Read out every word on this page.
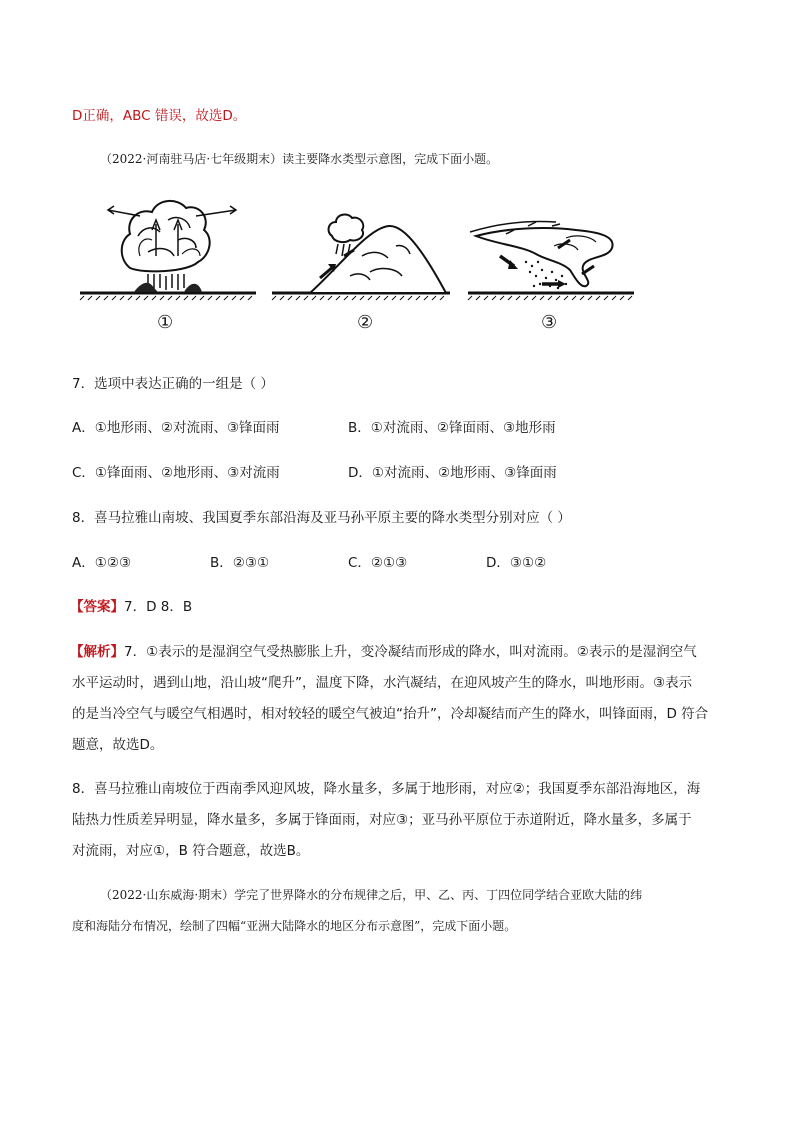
D正确，ABC 错误，故选D。
（2022·河南驻马店·七年级期末）读主要降水类型示意图，完成下面小题。
①	②	③
7．选项中表达正确的一组是（ ）
A．①地形雨、②对流雨、③锋面雨	B．①对流雨、②锋面雨、③地形雨
C．①锋面雨、②地形雨、③对流雨	D．①对流雨、②地形雨、③锋面雨
8．喜马拉雅山南坡、我国夏季东部沿海及亚马孙平原主要的降水类型分别对应（ ）
A．①②③	B．②③①	C．②①③	D．③①②
【答案】7．D 8．B
【解析】7．①表示的是湿润空气受热膨胀上升，变冷凝结而形成的降水，叫对流雨。②表示的是湿润空气
水平运动时，遇到山地，沿山坡“爬升”，温度下降，水汽凝结，在迎风坡产生的降水，叫地形雨。③表示
的是当冷空气与暖空气相遇时，相对较轻的暖空气被迫“抬升”，冷却凝结而产生的降水，叫锋面雨，D 符合
题意，故选D。
8．喜马拉雅山南坡位于西南季风迎风坡，降水量多，多属于地形雨，对应②；我国夏季东部沿海地区，海
陆热力性质差异明显，降水量多，多属于锋面雨，对应③；亚马孙平原位于赤道附近，降水量多，多属于
对流雨，对应①，B 符合题意，故选B。
（2022·山东威海·期末）学完了世界降水的分布规律之后，甲、乙、丙、丁四位同学结合亚欧大陆的纬
度和海陆分布情况，绘制了四幅“亚洲大陆降水的地区分布示意图”，完成下面小题。
